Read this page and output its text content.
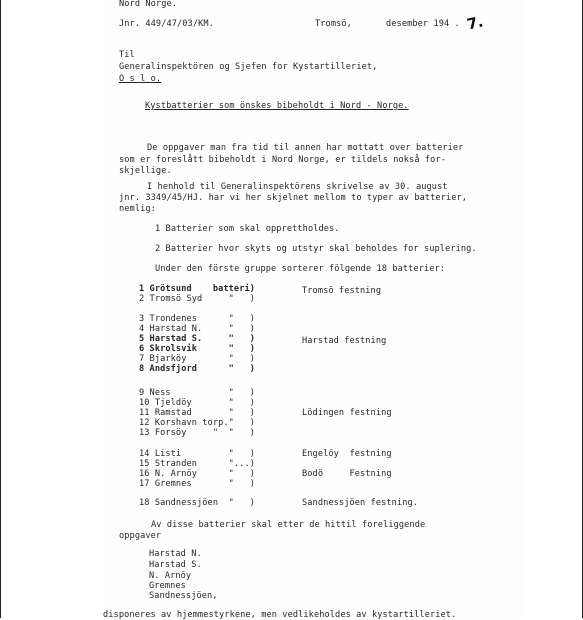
Nord Norge.
Jnr. 449/47/03/KM.	Tromsö,	7.
desember 194 .
Til
Generalinspektören og Sjefen for Kystartilleriet,
O s l o.
Kystbatterier som önskes bibeholdt i Nord - Norge.
De oppgaver man fra tid til annen har mottatt over batterier
som er foreslått bibeholdt i Nord Norge, er tildels nokså for-
skjellige.
I henhold til Generalinspektörens skrivelse av 30. august
jnr. 3349/45/HJ. har vi her skjelnet mellom to typer av batterier,
nemlig:
1 Batterier som skal opprettholdes.
2 Batterier hvor skyts og utstyr skal beholdes for suplering.
Under den förste gruppe sorterer fölgende 18 batterier:
1 Grötsund    batteri)
2 Tromsö Syd     "   )
3 Trondenes      "   )
4 Harstad N.     "   )
5 Harstad S.     "   )
6 Skrolsvik      "   )
7 Bjarköy        "   )
8 Andsfjord      "   )
9 Ness           "   )
10 Tjeldöy       "   )
11 Ramstad       "   )
12 Korshavn torp."   )
13 Forsöy     "  "   )
14 Listi         "   )
15 Stranden      "...)
16 N. Arnöy      "   )
17 Gremnes       "   )
18 Sandnessjöen  "   )
Tromsö festning
Harstad festning
Lödingen festning
Engelöy  festning
Bodö     Festning
Sandnessjöen festning.
Av disse batterier skal etter de hittil foreliggende
oppgaver
Harstad N.
Harstad S.
N. Arnöy
Gremnes
Sandnessjöen,
disponeres av hjemmestyrkene, men vedlikeholdes av kystartilleriet.
